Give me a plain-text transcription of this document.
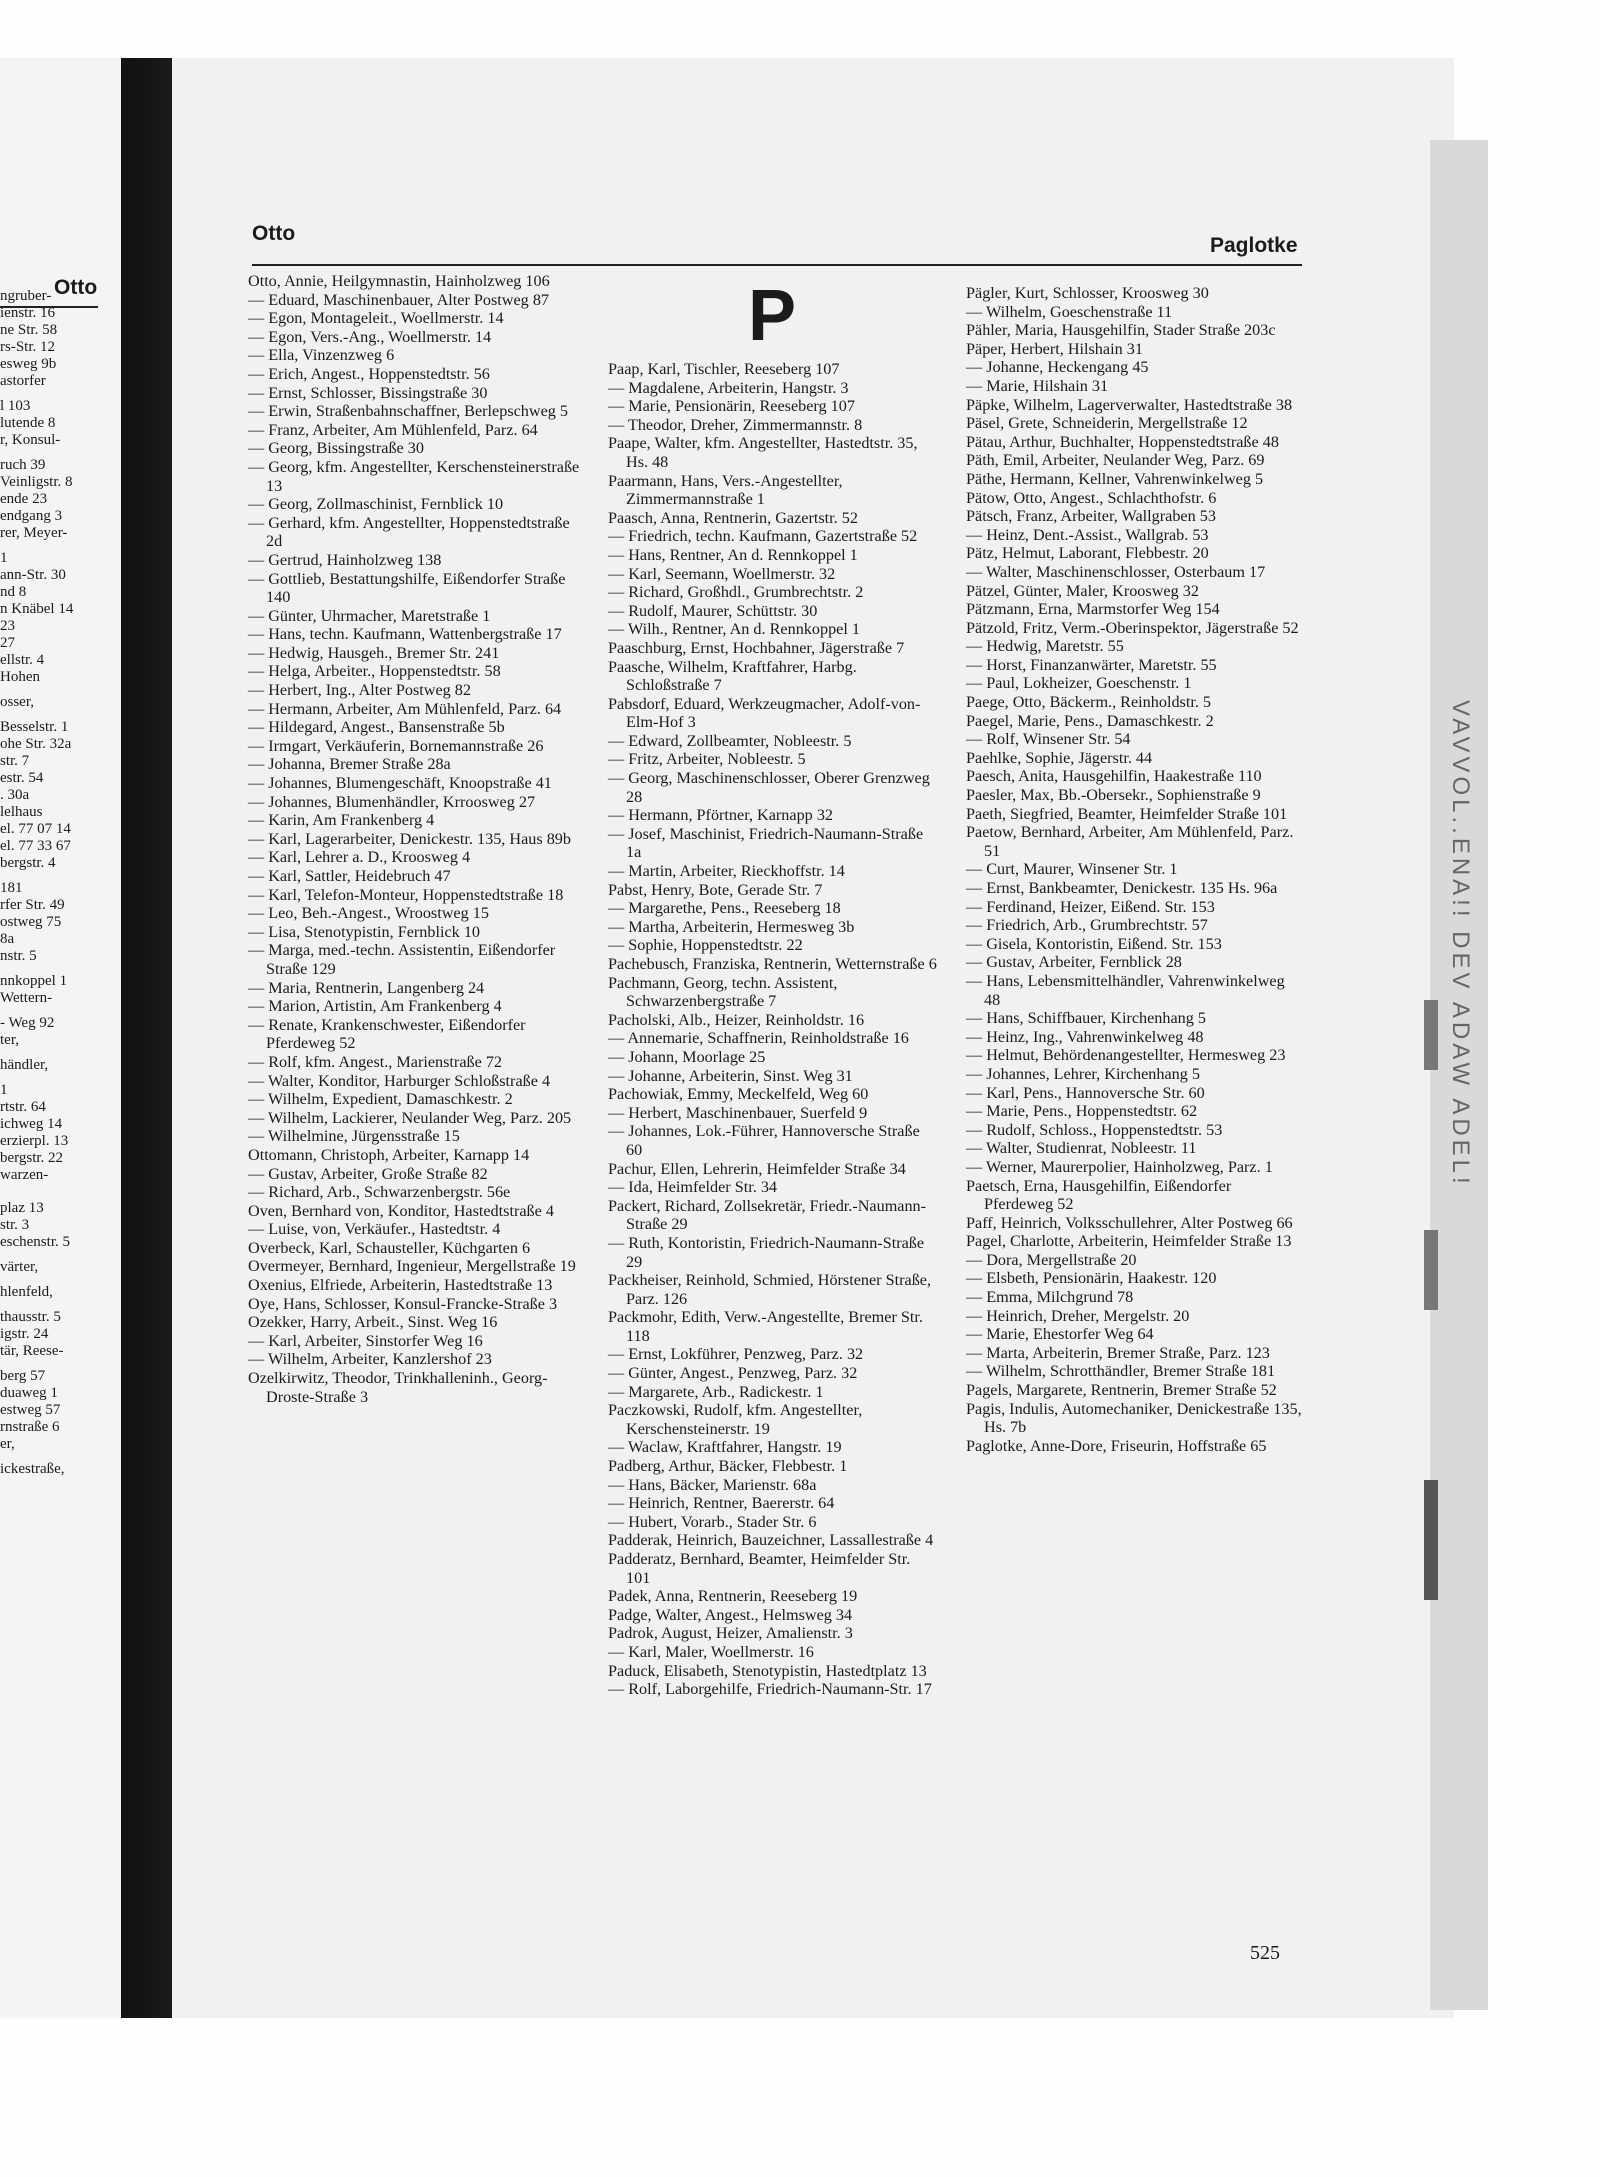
Otto
ngruber-
ienstr. 16
ne Str. 58
rs-Str. 12
esweg 9b
astorfer
l 103
lutende 8
r, Konsul-
ruch 39
Veinligstr. 8
ende 23
endgang 3
rer, Meyer-
1
ann-Str. 30
nd 8
n Knäbel 14
23
27
ellstr. 4
Hohen
osser,
Besselstr. 1
ohe Str. 32a
str. 7
estr. 54
. 30a
lelhaus
el. 77 07 14
el. 77 33 67
bergstr. 4
181
rfer Str. 49
ostweg 75
8a
nstr. 5
nnkoppel 1
Wettern-
- Weg 92
ter,
händler,
1
rtstr. 64
ichweg 14
erzierpl. 13
bergstr. 22
warzen-
plaz 13
str. 3
eschenstr. 5
värter,
hlenfeld,
thausstr. 5
igstr. 24
tär, Reese-
berg 57
duaweg 1
estweg 57
rnstraße 6
er,
ickestraße,
VAVVOL..ENA!! DEV ADAW ADEL!
Otto
Paglotke
P
Otto, Annie, Heilgymnastin, Hainholzweg 106
— Eduard, Maschinenbauer, Alter Postweg 87
— Egon, Montageleit., Woellmerstr. 14
— Egon, Vers.-Ang., Woellmerstr. 14
— Ella, Vinzenzweg 6
— Erich, Angest., Hoppenstedtstr. 56
— Ernst, Schlosser, Bissingstraße 30
— Erwin, Straßenbahnschaffner, Berlepschweg 5
— Franz, Arbeiter, Am Mühlenfeld, Parz. 64
— Georg, Bissingstraße 30
— Georg, kfm. Angestellter, Kerschensteinerstraße 13
— Georg, Zollmaschinist, Fernblick 10
— Gerhard, kfm. Angestellter, Hoppenstedtstraße 2d
— Gertrud, Hainholzweg 138
— Gottlieb, Bestattungshilfe, Eißendorfer Straße 140
— Günter, Uhrmacher, Maretstraße 1
— Hans, techn. Kaufmann, Wattenbergstraße 17
— Hedwig, Hausgeh., Bremer Str. 241
— Helga, Arbeiter., Hoppenstedtstr. 58
— Herbert, Ing., Alter Postweg 82
— Hermann, Arbeiter, Am Mühlenfeld, Parz. 64
— Hildegard, Angest., Bansenstraße 5b
— Irmgart, Verkäuferin, Bornemannstraße 26
— Johanna, Bremer Straße 28a
— Johannes, Blumengeschäft, Knoopstraße 41
— Johannes, Blumenhändler, Krroosweg 27
— Karin, Am Frankenberg 4
— Karl, Lagerarbeiter, Denickestr. 135, Haus 89b
— Karl, Lehrer a. D., Kroosweg 4
— Karl, Sattler, Heidebruch 47
— Karl, Telefon-Monteur, Hoppenstedtstraße 18
— Leo, Beh.-Angest., Wroostweg 15
— Lisa, Stenotypistin, Fernblick 10
— Marga, med.-techn. Assistentin, Eißendorfer Straße 129
— Maria, Rentnerin, Langenberg 24
— Marion, Artistin, Am Frankenberg 4
— Renate, Krankenschwester, Eißendorfer Pferdeweg 52
— Rolf, kfm. Angest., Marienstraße 72
— Walter, Konditor, Harburger Schloßstraße 4
— Wilhelm, Expedient, Damaschkestr. 2
— Wilhelm, Lackierer, Neulander Weg, Parz. 205
— Wilhelmine, Jürgensstraße 15
Ottomann, Christoph, Arbeiter, Karnapp 14
— Gustav, Arbeiter, Große Straße 82
— Richard, Arb., Schwarzenbergstr. 56e
Oven, Bernhard von, Konditor, Hastedtstraße 4
— Luise, von, Verkäufer., Hastedtstr. 4
Overbeck, Karl, Schausteller, Küchgarten 6
Overmeyer, Bernhard, Ingenieur, Mergellstraße 19
Oxenius, Elfriede, Arbeiterin, Hastedtstraße 13
Oye, Hans, Schlosser, Konsul-Francke-Straße 3
Ozekker, Harry, Arbeit., Sinst. Weg 16
— Karl, Arbeiter, Sinstorfer Weg 16
— Wilhelm, Arbeiter, Kanzlershof 23
Ozelkirwitz, Theodor, Trinkhalleninh., Georg-Droste-Straße 3
Paap, Karl, Tischler, Reeseberg 107
— Magdalene, Arbeiterin, Hangstr. 3
— Marie, Pensionärin, Reeseberg 107
— Theodor, Dreher, Zimmermannstr. 8
Paape, Walter, kfm. Angestellter, Hastedtstr. 35, Hs. 48
Paarmann, Hans, Vers.-Angestellter, Zimmermannstraße 1
Paasch, Anna, Rentnerin, Gazertstr. 52
— Friedrich, techn. Kaufmann, Gazertstraße 52
— Hans, Rentner, An d. Rennkoppel 1
— Karl, Seemann, Woellmerstr. 32
— Richard, Großhdl., Grumbrechtstr. 2
— Rudolf, Maurer, Schüttstr. 30
— Wilh., Rentner, An d. Rennkoppel 1
Paaschburg, Ernst, Hochbahner, Jägerstraße 7
Paasche, Wilhelm, Kraftfahrer, Harbg. Schloßstraße 7
Pabsdorf, Eduard, Werkzeugmacher, Adolf-von-Elm-Hof 3
— Edward, Zollbeamter, Nobleestr. 5
— Fritz, Arbeiter, Nobleestr. 5
— Georg, Maschinenschlosser, Oberer Grenzweg 28
— Hermann, Pförtner, Karnapp 32
— Josef, Maschinist, Friedrich-Naumann-Straße 1a
— Martin, Arbeiter, Rieckhoffstr. 14
Pabst, Henry, Bote, Gerade Str. 7
— Margarethe, Pens., Reeseberg 18
— Martha, Arbeiterin, Hermesweg 3b
— Sophie, Hoppenstedtstr. 22
Pachebusch, Franziska, Rentnerin, Wetternstraße 6
Pachmann, Georg, techn. Assistent, Schwarzenbergstraße 7
Pacholski, Alb., Heizer, Reinholdstr. 16
— Annemarie, Schaffnerin, Reinholdstraße 16
— Johann, Moorlage 25
— Johanne, Arbeiterin, Sinst. Weg 31
Pachowiak, Emmy, Meckelfeld, Weg 60
— Herbert, Maschinenbauer, Suerfeld 9
— Johannes, Lok.-Führer, Hannoversche Straße 60
Pachur, Ellen, Lehrerin, Heimfelder Straße 34
— Ida, Heimfelder Str. 34
Packert, Richard, Zollsekretär, Friedr.-Naumann-Straße 29
— Ruth, Kontoristin, Friedrich-Naumann-Straße 29
Packheiser, Reinhold, Schmied, Hörstener Straße, Parz. 126
Packmohr, Edith, Verw.-Angestellte, Bremer Str. 118
— Ernst, Lokführer, Penzweg, Parz. 32
— Günter, Angest., Penzweg, Parz. 32
— Margarete, Arb., Radickestr. 1
Paczkowski, Rudolf, kfm. Angestellter, Kerschensteinerstr. 19
— Waclaw, Kraftfahrer, Hangstr. 19
Padberg, Arthur, Bäcker, Flebbestr. 1
— Hans, Bäcker, Marienstr. 68a
— Heinrich, Rentner, Baererstr. 64
— Hubert, Vorarb., Stader Str. 6
Padderak, Heinrich, Bauzeichner, Lassallestraße 4
Padderatz, Bernhard, Beamter, Heimfelder Str. 101
Padek, Anna, Rentnerin, Reeseberg 19
Padge, Walter, Angest., Helmsweg 34
Padrok, August, Heizer, Amalienstr. 3
— Karl, Maler, Woellmerstr. 16
Paduck, Elisabeth, Stenotypistin, Hastedtplatz 13
— Rolf, Laborgehilfe, Friedrich-Naumann-Str. 17
Pägler, Kurt, Schlosser, Kroosweg 30
— Wilhelm, Goeschenstraße 11
Pähler, Maria, Hausgehilfin, Stader Straße 203c
Päper, Herbert, Hilshain 31
— Johanne, Heckengang 45
— Marie, Hilshain 31
Päpke, Wilhelm, Lagerverwalter, Hastedtstraße 38
Päsel, Grete, Schneiderin, Mergellstraße 12
Pätau, Arthur, Buchhalter, Hoppenstedtstraße 48
Päth, Emil, Arbeiter, Neulander Weg, Parz. 69
Päthe, Hermann, Kellner, Vahrenwinkelweg 5
Pätow, Otto, Angest., Schlachthofstr. 6
Pätsch, Franz, Arbeiter, Wallgraben 53
— Heinz, Dent.-Assist., Wallgrab. 53
Pätz, Helmut, Laborant, Flebbestr. 20
— Walter, Maschinenschlosser, Osterbaum 17
Pätzel, Günter, Maler, Kroosweg 32
Pätzmann, Erna, Marmstorfer Weg 154
Pätzold, Fritz, Verm.-Oberinspektor, Jägerstraße 52
— Hedwig, Maretstr. 55
— Horst, Finanzanwärter, Maretstr. 55
— Paul, Lokheizer, Goeschenstr. 1
Paege, Otto, Bäckerm., Reinholdstr. 5
Paegel, Marie, Pens., Damaschkestr. 2
— Rolf, Winsener Str. 54
Paehlke, Sophie, Jägerstr. 44
Paesch, Anita, Hausgehilfin, Haakestraße 110
Paesler, Max, Bb.-Obersekr., Sophienstraße 9
Paeth, Siegfried, Beamter, Heimfelder Straße 101
Paetow, Bernhard, Arbeiter, Am Mühlenfeld, Parz. 51
— Curt, Maurer, Winsener Str. 1
— Ernst, Bankbeamter, Denickestr. 135 Hs. 96a
— Ferdinand, Heizer, Eißend. Str. 153
— Friedrich, Arb., Grumbrechtstr. 57
— Gisela, Kontoristin, Eißend. Str. 153
— Gustav, Arbeiter, Fernblick 28
— Hans, Lebensmittelhändler, Vahrenwinkelweg 48
— Hans, Schiffbauer, Kirchenhang 5
— Heinz, Ing., Vahrenwinkelweg 48
— Helmut, Behördenangestellter, Hermesweg 23
— Johannes, Lehrer, Kirchenhang 5
— Karl, Pens., Hannoversche Str. 60
— Marie, Pens., Hoppenstedtstr. 62
— Rudolf, Schloss., Hoppenstedtstr. 53
— Walter, Studienrat, Nobleestr. 11
— Werner, Maurerpolier, Hainholzweg, Parz. 1
Paetsch, Erna, Hausgehilfin, Eißendorfer Pferdeweg 52
Paff, Heinrich, Volksschullehrer, Alter Postweg 66
Pagel, Charlotte, Arbeiterin, Heimfelder Straße 13
— Dora, Mergellstraße 20
— Elsbeth, Pensionärin, Haakestr. 120
— Emma, Milchgrund 78
— Heinrich, Dreher, Mergelstr. 20
— Marie, Ehestorfer Weg 64
— Marta, Arbeiterin, Bremer Straße, Parz. 123
— Wilhelm, Schrotthändler, Bremer Straße 181
Pagels, Margarete, Rentnerin, Bremer Straße 52
Pagis, Indulis, Automechaniker, Denickestraße 135, Hs. 7b
Paglotke, Anne-Dore, Friseurin, Hoffstraße 65
525
